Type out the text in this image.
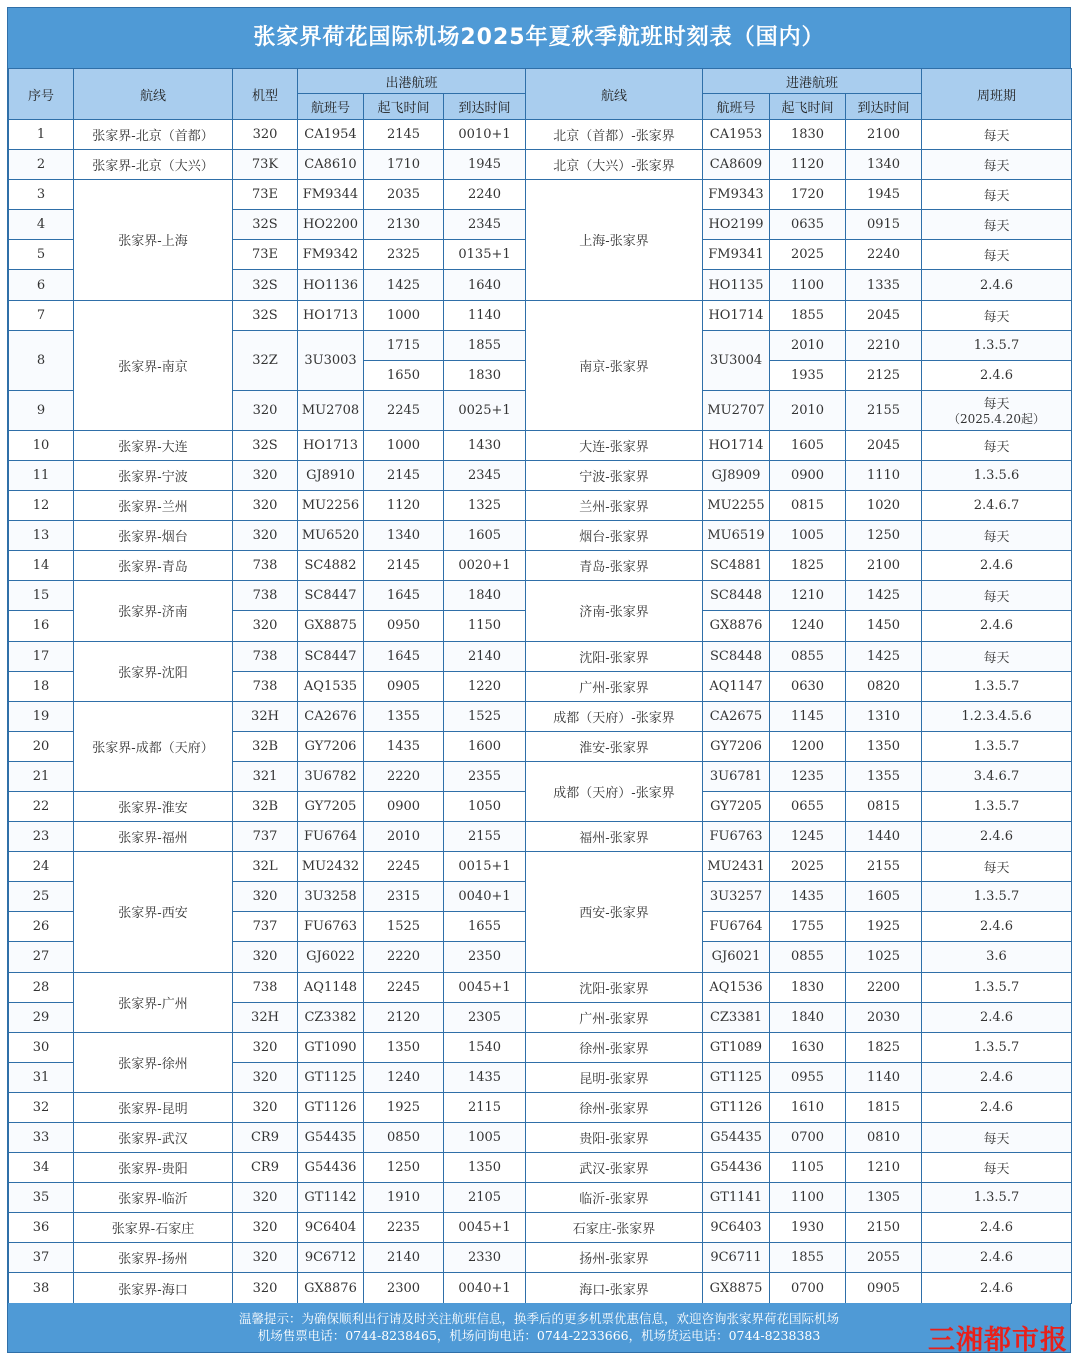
张家界荷花国际机场2025年夏秋季航班时刻表（国内）
序号	航线	机型	出港航班			航线	进港航班			周班期
			航班号	起飞时间	到达时间		航班号	起飞时间	到达时间	
1	张家界-北京（首都）	320	CA1954	2145	0010+1	北京（首都）-张家界	CA1953	1830	2100	每天
2	张家界-北京（大兴）	73K	CA8610	1710	1945	北京（大兴）-张家界	CA8609	1120	1340	每天
3	张家界-上海	73E	FM9344	2035	2240	上海-张家界	FM9343	1720	1945	每天
4		32S	HO2200	2130	2345		HO2199	0635	0915	每天
5		73E	FM9342	2325	0135+1		FM9341	2025	2240	每天
6		32S	HO1136	1425	1640		HO1135	1100	1335	2.4.6
7	张家界-南京	32S	HO1713	1000	1140	南京-张家界	HO1714	1855	2045	每天
8		32Z	3U3003	1715	1855		3U3004	2010	2210	1.3.5.7
				1650	1830			1935	2125	2.4.6
9		320	MU2708	2245	0025+1		MU2707	2010	2155	每天
（2025.4.20起）

10	张家界-大连	32S	HO1713	1000	1430	大连-张家界	HO1714	1605	2045	每天
11	张家界-宁波	320	GJ8910	2145	2345	宁波-张家界	GJ8909	0900	1110	1.3.5.6
12	张家界-兰州	320	MU2256	1120	1325	兰州-张家界	MU2255	0815	1020	2.4.6.7
13	张家界-烟台	320	MU6520	1340	1605	烟台-张家界	MU6519	1005	1250	每天
14	张家界-青岛	738	SC4882	2145	0020+1	青岛-张家界	SC4881	1825	2100	2.4.6
15	张家界-济南	738	SC8447	1645	1840	济南-张家界	SC8448	1210	1425	每天
16		320	GX8875	0950	1150		GX8876	1240	1450	2.4.6
17	张家界-沈阳	738	SC8447	1645	2140	沈阳-张家界	SC8448	0855	1425	每天
18		738	AQ1535	0905	1220	广州-张家界	AQ1147	0630	0820	1.3.5.7
19	张家界-成都（天府）	32H	CA2676	1355	1525	成都（天府）-张家界	CA2675	1145	1310	1.2.3.4.5.6
20		32B	GY7206	1435	1600	淮安-张家界	GY7206	1200	1350	1.3.5.7
21		321	3U6782	2220	2355	成都（天府）-张家界	3U6781	1235	1355	3.4.6.7
22	张家界-淮安	32B	GY7205	0900	1050		GY7205	0655	0815	1.3.5.7
23	张家界-福州	737	FU6764	2010	2155	福州-张家界	FU6763	1245	1440	2.4.6
24	张家界-西安	32L	MU2432	2245	0015+1	西安-张家界	MU2431	2025	2155	每天
25		320	3U3258	2315	0040+1		3U3257	1435	1605	1.3.5.7
26		737	FU6763	1525	1655		FU6764	1755	1925	2.4.6
27		320	GJ6022	2220	2350		GJ6021	0855	1025	3.6
28	张家界-广州	738	AQ1148	2245	0045+1	沈阳-张家界	AQ1536	1830	2200	1.3.5.7
29		32H	CZ3382	2120	2305	广州-张家界	CZ3381	1840	2030	2.4.6
30	张家界-徐州	320	GT1090	1350	1540	徐州-张家界	GT1089	1630	1825	1.3.5.7
31		320	GT1125	1240	1435	昆明-张家界	GT1125	0955	1140	2.4.6
32	张家界-昆明	320	GT1126	1925	2115	徐州-张家界	GT1126	1610	1815	2.4.6
33	张家界-武汉	CR9	G54435	0850	1005	贵阳-张家界	G54435	0700	0810	每天
34	张家界-贵阳	CR9	G54436	1250	1350	武汉-张家界	G54436	1105	1210	每天
35	张家界-临沂	320	GT1142	1910	2105	临沂-张家界	GT1141	1100	1305	1.3.5.7
36	张家界-石家庄	320	9C6404	2235	0045+1	石家庄-张家界	9C6403	1930	2150	2.4.6
37	张家界-扬州	320	9C6712	2140	2330	扬州-张家界	9C6711	1855	2055	2.4.6
38	张家界-海口	320	GX8876	2300	0040+1	海口-张家界	GX8875	0700	0905	2.4.6
温馨提示：为确保顺利出行请及时关注航班信息，换季后的更多机票优惠信息，欢迎咨询张家界荷花国际机场
机场售票电话：0744-8238465，机场问询电话：0744-2233666，机场货运电话：0744-8238383	三湘都市报
